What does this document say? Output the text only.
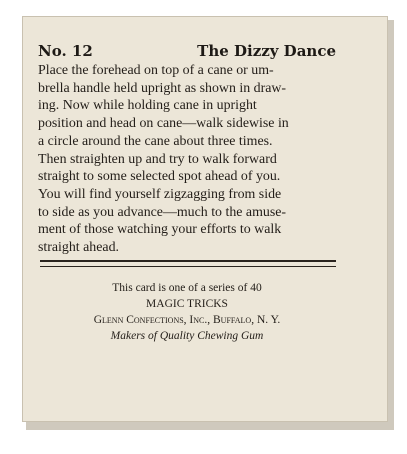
No. 12	The Dizzy Dance
Place the forehead on top of a cane or um-
brella handle held upright as shown in draw-
ing. Now while holding cane in upright
position and head on cane—walk sidewise in
a circle around the cane about three times.
Then straighten up and try to walk forward
straight to some selected spot ahead of you.
You will find yourself zigzagging from side
to side as you advance—much to the amuse-
ment of those watching your efforts to walk
straight ahead.
This card is one of a series of 40
MAGIC TRICKS
Glenn Confections, Inc., Buffalo, N. Y.
Makers of Quality Chewing Gum
